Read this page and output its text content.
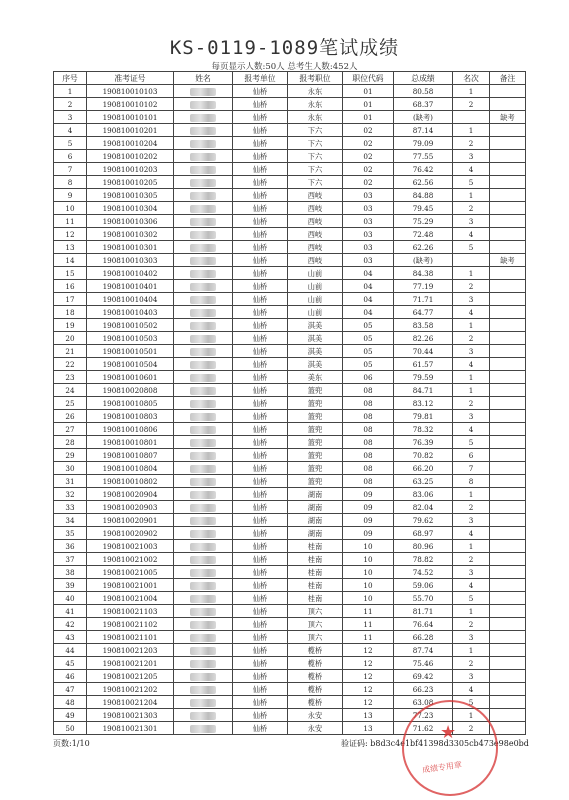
KS-0119-1089笔试成绩
每页显示人数:50人 总考生人数:452人
序号	准考证号	姓名	报考单位	报考职位	职位代码	总成绩	名次	备注
1	190810010103		仙桥	永东	01	80.58	1	
2	190810010102		仙桥	永东	01	68.37	2	
3	190810010101		仙桥	永东	01	(缺考)		缺考
4	190810010201		仙桥	下六	02	87.14	1	
5	190810010204		仙桥	下六	02	79.09	2	
6	190810010202		仙桥	下六	02	77.55	3	
7	190810010203		仙桥	下六	02	76.42	4	
8	190810010205		仙桥	下六	02	62.56	5	
9	190810010305		仙桥	西岐	03	84.88	1	
10	190810010304		仙桥	西岐	03	79.45	2	
11	190810010306		仙桥	西岐	03	75.29	3	
12	190810010302		仙桥	西岐	03	72.48	4	
13	190810010301		仙桥	西岐	03	62.26	5	
14	190810010303		仙桥	西岐	03	(缺考)		缺考
15	190810010402		仙桥	山前	04	84.38	1	
16	190810010401		仙桥	山前	04	77.19	2	
17	190810010404		仙桥	山前	04	71.71	3	
18	190810010403		仙桥	山前	04	64.77	4	
19	190810010502		仙桥	淇美	05	83.58	1	
20	190810010503		仙桥	淇美	05	82.26	2	
21	190810010501		仙桥	淇美	05	70.44	3	
22	190810010504		仙桥	淇美	05	61.57	4	
23	190810010601		仙桥	美东	06	79.59	1	
24	190810020808		仙桥	篮兜	08	84.71	1	
25	190810010805		仙桥	篮兜	08	83.12	2	
26	190810010803		仙桥	篮兜	08	79.81	3	
27	190810010806		仙桥	篮兜	08	78.32	4	
28	190810010801		仙桥	篮兜	08	76.39	5	
29	190810010807		仙桥	篮兜	08	70.82	6	
30	190810010804		仙桥	篮兜	08	66.20	7	
31	190810010802		仙桥	篮兜	08	63.25	8	
32	190810020904		仙桥	湖南	09	83.06	1	
33	190810020903		仙桥	湖南	09	82.04	2	
34	190810020901		仙桥	湖南	09	79.62	3	
35	190810020902		仙桥	湖南	09	68.97	4	
36	190810021003		仙桥	桂南	10	80.96	1	
37	190810021002		仙桥	桂南	10	78.82	2	
38	190810021005		仙桥	桂南	10	74.52	3	
39	190810021001		仙桥	桂南	10	59.06	4	
40	190810021004		仙桥	桂南	10	55.70	5	
41	190810021103		仙桥	顶六	11	81.71	1	
42	190810021102		仙桥	顶六	11	76.64	2	
43	190810021101		仙桥	顶六	11	66.28	3	
44	190810021203		仙桥	榄桥	12	87.74	1	
45	190810021201		仙桥	榄桥	12	75.46	2	
46	190810021205		仙桥	榄桥	12	69.42	3	
47	190810021202		仙桥	榄桥	12	66.23	4	
48	190810021204		仙桥	榄桥	12	63.08	5	
49	190810021303		仙桥	永安	13	77.23	1	
50	190810021301		仙桥	永安	13	71.62	2	
页数:1/10	验证码: b8d3c4e1bf41398d3305cb473e98e0bd
★
成绩专用章
